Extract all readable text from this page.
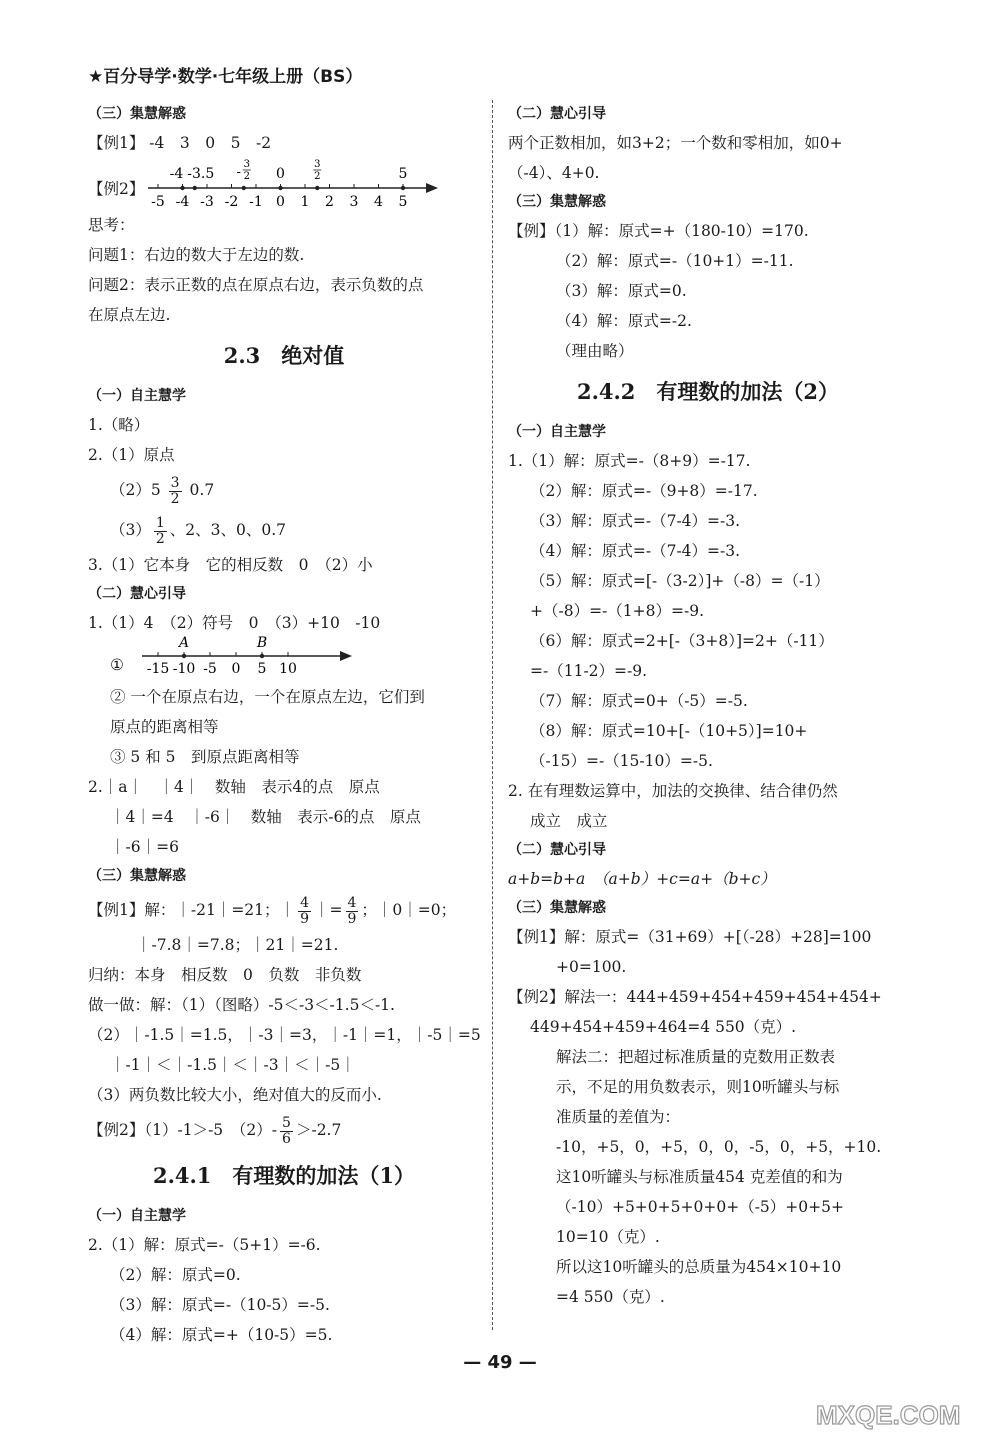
★百分导学·数学·七年级上册（BS）
（三）集慧解惑
【例1】 -4　3　0　5　-2
【例2】
-5 -4 -3 -2 -1 0 1 2 3 4 5
-4 -3.5 -
3
2 0
3
2	5
思考：
问题1：右边的数大于左边的数.
问题2：表示正数的点在原点右边，表示负数的点
在原点左边.
2.3　绝对值
（一）自主慧学
1.（略）
2.（1）原点
$(2)5 \frac{3}{2} 0.7$
$(3) \frac{1}{2}$ 、2、3、0、0.7
3.（1）它本身　它的相反数　0　（2）小
（二）慧心引导
1.（1）4　（2）符号　0　（3）+10　-10
① -15 -10 -5 0 5 10
A	B
② 一个在原点右边，一个在原点左边，它们到
原点的距离相等
③ 5 和 5　到原点距离相等
2.｜a｜　｜4｜　数轴　表示4的点　原点
｜4｜=4　｜-6｜　数轴　表示-6的点　原点
｜-6｜=6
（三）集慧解惑
【例1】解：｜-21｜=21；｜ $\frac{4}{9}$ ｜= $\frac{4}{9}$ ；｜0｜=0；
｜-7.8｜=7.8；｜21｜=21.
归纳：本身　相反数　0　负数　非负数
做一做：解：（1）（图略）-5＜-3＜-1.5＜-1.
（2）｜-1.5｜=1.5，｜-3｜=3，｜-1｜=1，｜-5｜=5
｜-1｜＜｜-1.5｜＜｜-3｜＜｜-5｜
（3）两负数比较大小，绝对值大的反而小.
【例2】（1）-1＞-5　$(2)- \frac{5}{6} >-2.7$
2.4.1　有理数的加法（1）
（一）自主慧学
2.（1）解：原式=-（5+1）=-6.
（2）解：原式=0.
（3）解：原式=-（10-5）=-5.
（4）解：原式=+（10-5）=5.
（二）慧心引导
两个正数相加，如3+2；一个数和零相加，如0+
（-4）、4+0.
（三）集慧解惑
【例】（1）解：原式=+（180-10）=170.
（2）解：原式=-（10+1）=-11.
（3）解：原式=0.
（4）解：原式=-2.
（理由略）
2.4.2　有理数的加法（2）
（一）自主慧学
1.（1）解：原式=-（8+9）=-17.
（2）解：原式=-（9+8）=-17.
（3）解：原式=-（7-4）=-3.
（4）解：原式=-（7-4）=-3.
（5）解：原式=[-（3-2）]+（-8）=（-1）
+（-8）=-（1+8）=-9.
（6）解：原式=2+[-（3+8）]=2+（-11）
=-（11-2）=-9.
（7）解：原式=0+（-5）=-5.
（8）解：原式=10+[-（10+5）]=10+
（-15）=-（15-10）=-5.
2. 在有理数运算中，加法的交换律、结合律仍然
成立　成立
（二）慧心引导
a+b=b+a　（a+b）+c=a+（b+c）
（三）集慧解惑
【例1】解：原式=（31+69）+[（-28）+28]=100
+0=100.
【例2】解法一：444+459+454+459+454+454+
449+454+459+464=4 550（克）.
解法二：把超过标准质量的克数用正数表
示，不足的用负数表示，则10听罐头与标
准质量的差值为：
-10，+5，0，+5，0，0，-5，0，+5，+10.
这10听罐头与标准质量454 克差值的和为
（-10）+5+0+5+0+0+（-5）+0+5+
10=10（克）.
所以这10听罐头的总质量为454×10+10
=4 550（克）.
— 49 —
MXQE.COM
